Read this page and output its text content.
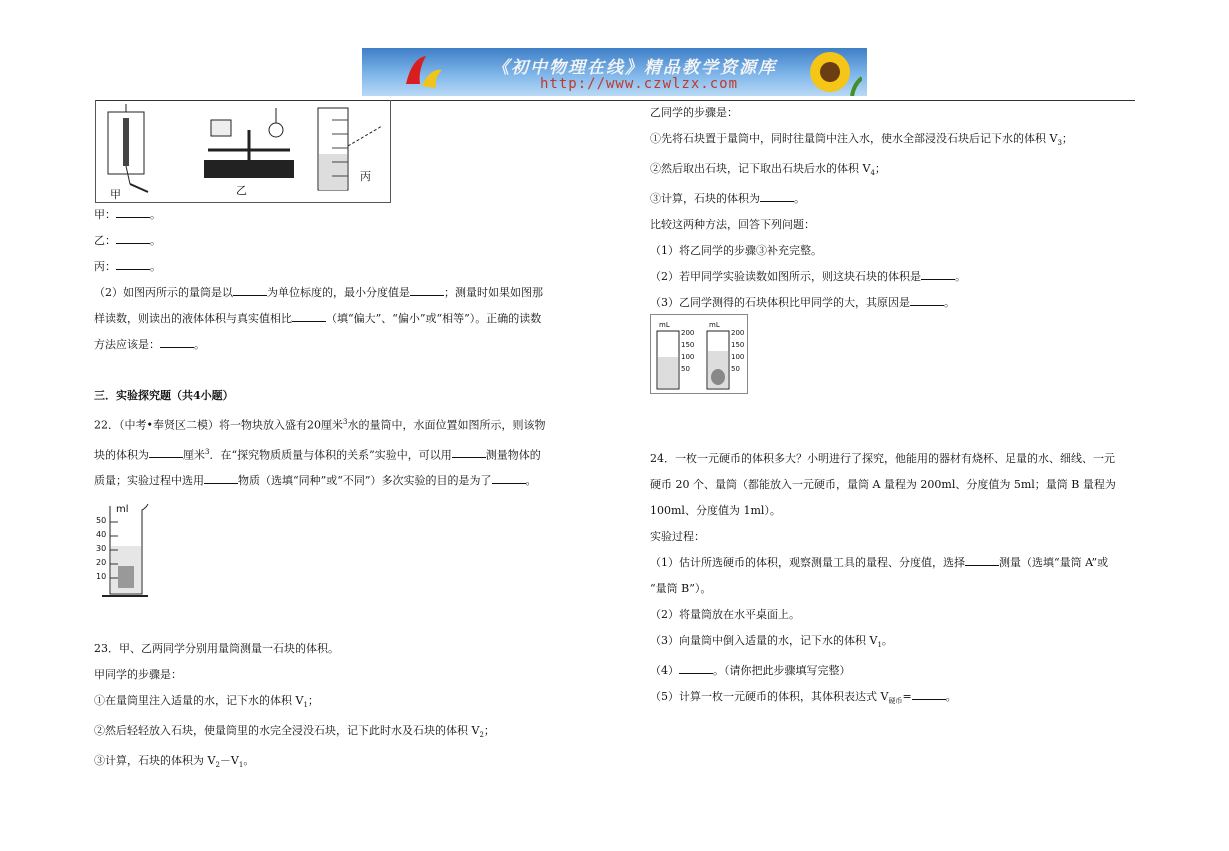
《初中物理在线》精品教学资源库
http://www.czwlzx.com
甲	乙
丙

甲：	。

乙：	。

丙：	。

（2）如图丙所示的量筒是以	为单位标度的，最小分度值是	；测量时如果如图那

样读数，则读出的液体体积与真实值相比	（填“偏大”、“偏小”或“相等”）。正确的读数

方法应该是：	。

三．实验探究题（共4小题）

22．（中考•奉贤区二模）将一物块放入盛有20厘米$^3$水的量筒中，水面位置如图所示，则该物

块的体积为	厘米$^3$．在“探究物质质量与体积的关系”实验中，可以用	测量物体的

质量；实验过程中选用	物质（选填“同种”或“不同”）多次实验的目的是为了	。

ml
50
40
30
20
10

23．甲、乙两同学分别用量筒测量一石块的体积。

甲同学的步骤是：

①在量筒里注入适量的水，记下水的体积 $V_1$；

②然后轻轻放入石块，使量筒里的水完全浸没石块，记下此时水及石块的体积 $V_2$；

③计算，石块的体积为 $V_2-V_1$。

乙同学的步骤是：

①先将石块置于量筒中，同时往量筒中注入水，使水全部浸没石块后记下水的体积 $V_3$；

②然后取出石块，记下取出石块后水的体积 $V_4$；

③计算，石块的体积为	。

比较这两种方法，回答下列问题：

（1）将乙同学的步骤③补充完整。

（2）若甲同学实验读数如图所示，则这块石块的体积是	。

（3）乙同学测得的石块体积比甲同学的大，其原因是	。

mL	mL
200
150
100
50
200
150
100
50

24．一枚一元硬币的体积多大？小明进行了探究，他能用的器材有烧杯、足量的水、细线、一元

硬币 20 个、量筒（都能放入一元硬币，量筒 A 量程为 200ml、分度值为 5ml；量筒 B 量程为

100ml、分度值为 1ml）。

实验过程：

（1）估计所选硬币的体积，观察测量工具的量程、分度值，选择	测量（选填“量筒 A”或

“量筒 B”）。

（2）将量筒放在水平桌面上。

（3）向量筒中倒入适量的水，记下水的体积 $V_1$。

（4）	。（请你把此步骤填写完整）

（5）计算一枚一元硬币的体积，其体积表达式 $V_{硬币}=$	。
